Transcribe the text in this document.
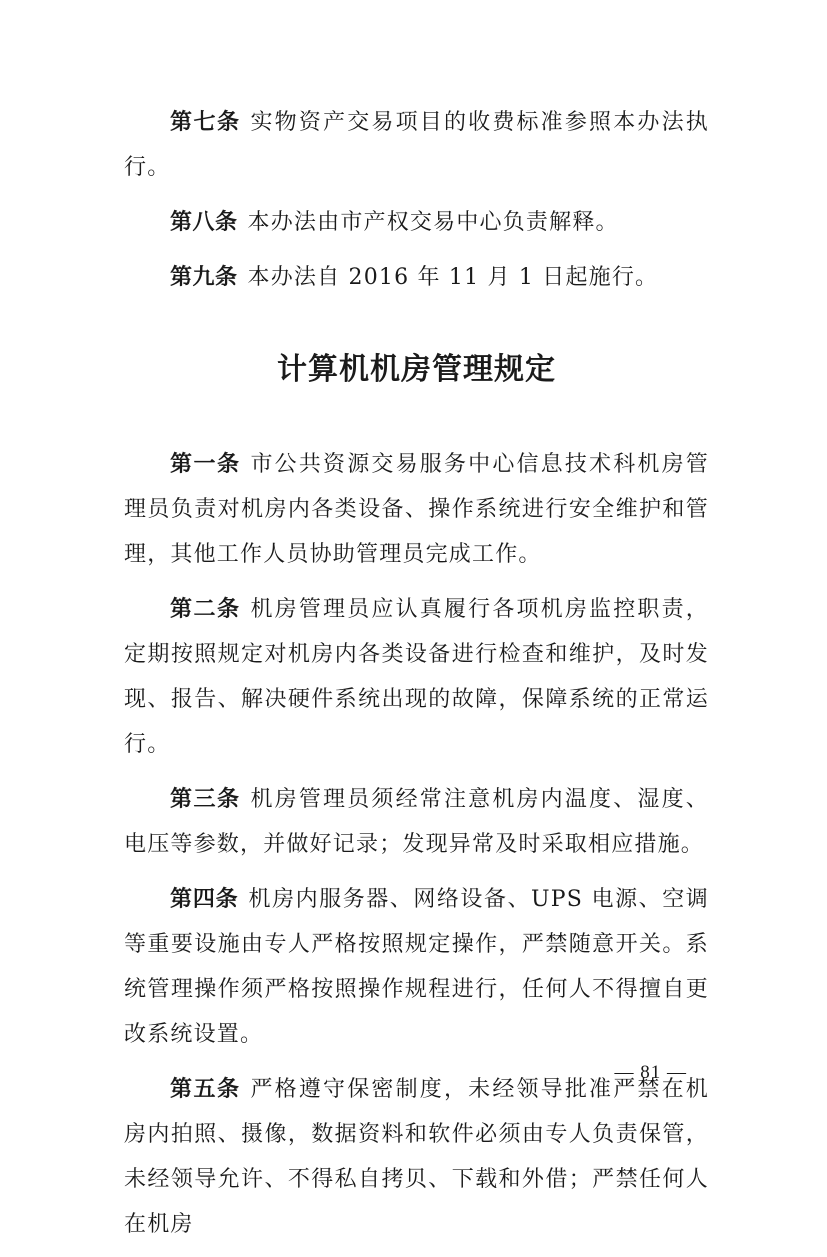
第七条 实物资产交易项目的收费标准参照本办法执行。

第八条 本办法由市产权交易中心负责解释。

第九条 本办法自 2016 年 11 月 1 日起施行。

计算机机房管理规定

第一条 市公共资源交易服务中心信息技术科机房管理员负责对机房内各类设备、操作系统进行安全维护和管理，其他工作人员协助管理员完成工作。

第二条 机房管理员应认真履行各项机房监控职责，定期按照规定对机房内各类设备进行检查和维护，及时发现、报告、解决硬件系统出现的故障，保障系统的正常运行。

第三条 机房管理员须经常注意机房内温度、湿度、电压等参数，并做好记录；发现异常及时采取相应措施。

第四条 机房内服务器、网络设备、UPS 电源、空调等重要设施由专人严格按照规定操作，严禁随意开关。系统管理操作须严格按照操作规程进行，任何人不得擅自更改系统设置。

第五条 严格遵守保密制度，未经领导批准严禁在机房内拍照、摄像，数据资料和软件必须由专人负责保管，未经领导允许、不得私自拷贝、下载和外借；严禁任何人在机房

— 81 —
